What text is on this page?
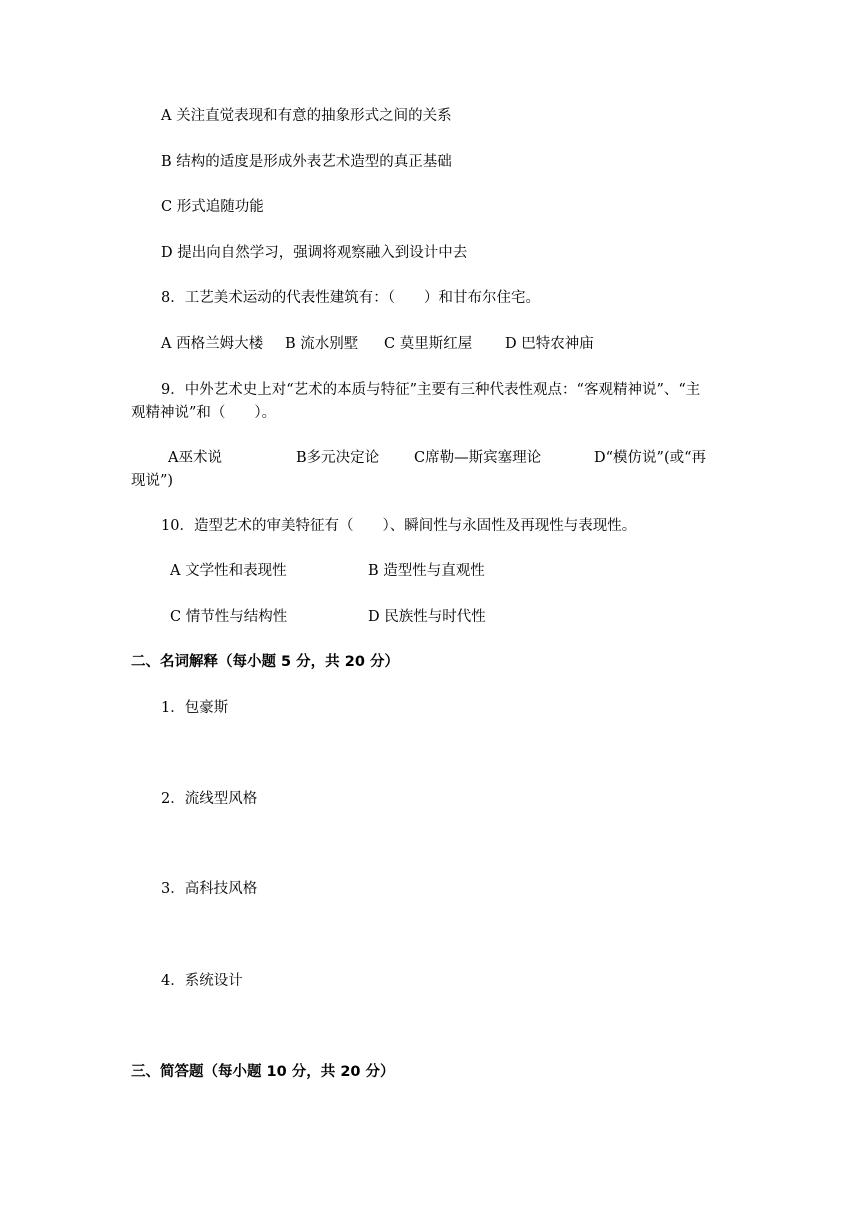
A 关注直觉表现和有意的抽象形式之间的关系
B 结构的适度是形成外表艺术造型的真正基础
C 形式追随功能
D 提出向自然学习，强调将观察融入到设计中去
8．工艺美术运动的代表性建筑有：（　　）和甘布尔住宅。
A 西格兰姆大楼 B 流水别墅 C 莫里斯红屋 D 巴特农神庙
9．中外艺术史上对“艺术的本质与特征”主要有三种代表性观点：“客观精神说”、“主
观精神说”和（　　）。
A巫术说	B多元决定论 C席勒—斯宾塞理论	D“模仿说”(或“再
现说”)
10．造型艺术的审美特征有（　　）、瞬间性与永固性及再现性与表现性。
A 文学性和表现性	B 造型性与直观性
C 情节性与结构性	D 民族性与时代性
二、名词解释（每小题 5 分，共 20 分）
1．包豪斯
2．流线型风格
3．高科技风格
4．系统设计
三、简答题（每小题 10 分，共 20 分）
